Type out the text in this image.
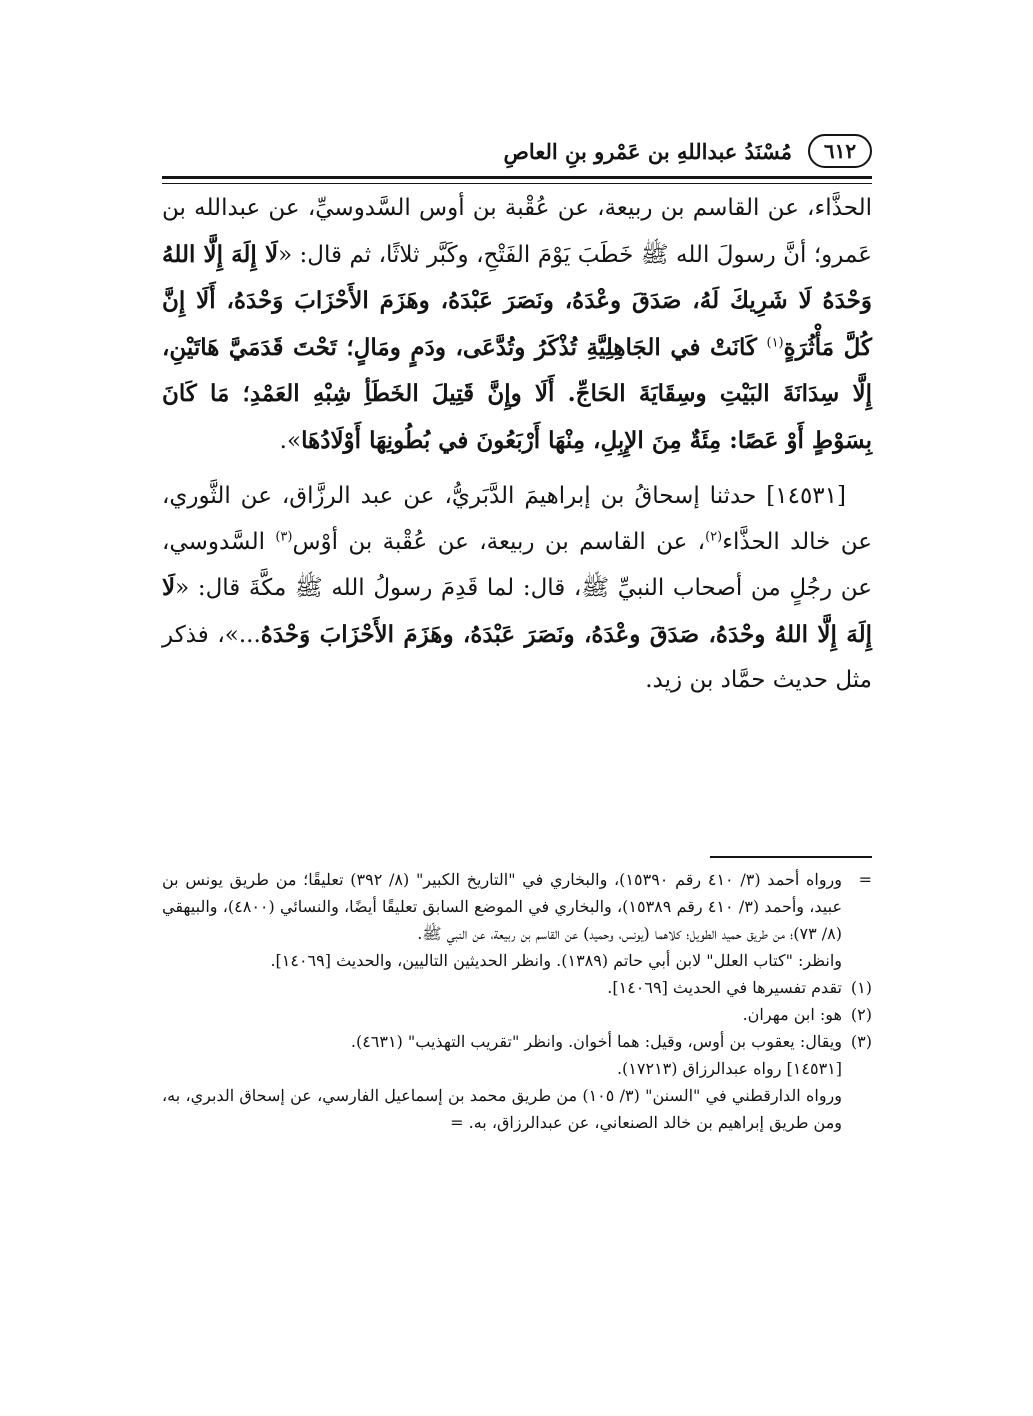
٦١٢
مُسْنَدُ عبداللهِ بن عَمْرو بنِ العاصِ

الحذَّاء، عن القاسم بن ربيعة، عن عُقْبة بن أوس السَّدوسيِّ، عن عبدالله بن عَمرو؛ أنَّ رسولَ الله ﷺ خَطَبَ يَوْمَ الفَتْحِ، وكَبَّر ثلاثًا، ثم قال: «لَا إِلَهَ إِلَّا اللهُ وَحْدَهُ لَا شَرِيكَ لَهُ، صَدَقَ وعْدَهُ، ونَصَرَ عَبْدَهُ، وهَزَمَ الأَحْزَابَ وَحْدَهُ، أَلَا إِنَّ كُلَّ مَأْثُرَةٍ$^{(١)}$ كَانَتْ في الجَاهِلِيَّةِ تُذْكَرُ وتُدَّعَى، ودَمٍ ومَالٍ؛ تَحْتَ قَدَمَيَّ هَاتَيْنِ، إِلَّا سِدَانَةَ البَيْتِ وسِقَايَةَ الحَاجِّ. أَلَا وإِنَّ قَتِيلَ الخَطَأِ شِبْهِ العَمْدِ؛ مَا كَانَ بِسَوْطٍ أَوْ عَصًا: مِئَةٌ مِنَ الإِبِلِ، مِنْهَا أَرْبَعُونَ في بُطُونِهَا أَوْلَادُهَا».

[١٤٥٣١] حدثنا إسحاقُ بن إبراهيمَ الدَّبَريُّ، عن عبد الرزَّاق، عن الثَّوري، عن خالد الحذَّاء$^{(٢)}$، عن القاسم بن ربيعة، عن عُقْبة بن أوْس$^{(٣)}$ السَّدوسي، عن رجُلٍ من أصحاب النبيِّ ﷺ، قال: لما قَدِمَ رسولُ الله ﷺ مكَّةَ قال: «لَا إِلَهَ إِلَّا اللهُ وحْدَهُ، صَدَقَ وعْدَهُ، ونَصَرَ عَبْدَهُ، وهَزَمَ الأَحْزَابَ وَحْدَهُ...»، فذكر مثل حديث حمَّاد بن زيد.

=
ورواه أحمد (٣/ ٤١٠ رقم ١٥٣٩٠)، والبخاري في "التاريخ الكبير" (٨/ ٣٩٢) تعليقًا؛ من طريق يونس بن عبيد، وأحمد (٣/ ٤١٠ رقم ١٥٣٨٩)، والبخاري في الموضع السابق تعليقًا أيضًا، والنسائي (٤٨٠٠)، والبيهقي (٨/ ٧٣)؛ من طريق حميد الطويل؛ كلاهما (يونس، وحميد) عن القاسم بن ربيعة، عن النبي ﷺ.

وانظر: "كتاب العلل" لابن أبي حاتم (١٣٨٩). وانظر الحديثين التاليين، والحديث [١٤٠٦٩].

(١)
تقدم تفسيرها في الحديث [١٤٠٦٩].
(٢)
هو: ابن مهران.
(٣)
ويقال: يعقوب بن أوس، وقيل: هما أخوان. وانظر "تقريب التهذيب" (٤٦٣١).

[١٤٥٣١] رواه عبدالرزاق (١٧٢١٣).

ورواه الدارقطني في "السنن" (٣/ ١٠٥) من طريق محمد بن إسماعيل الفارسي، عن إسحاق الدبري، به، ومن طريق إبراهيم بن خالد الصنعاني، عن عبدالرزاق، به. =
